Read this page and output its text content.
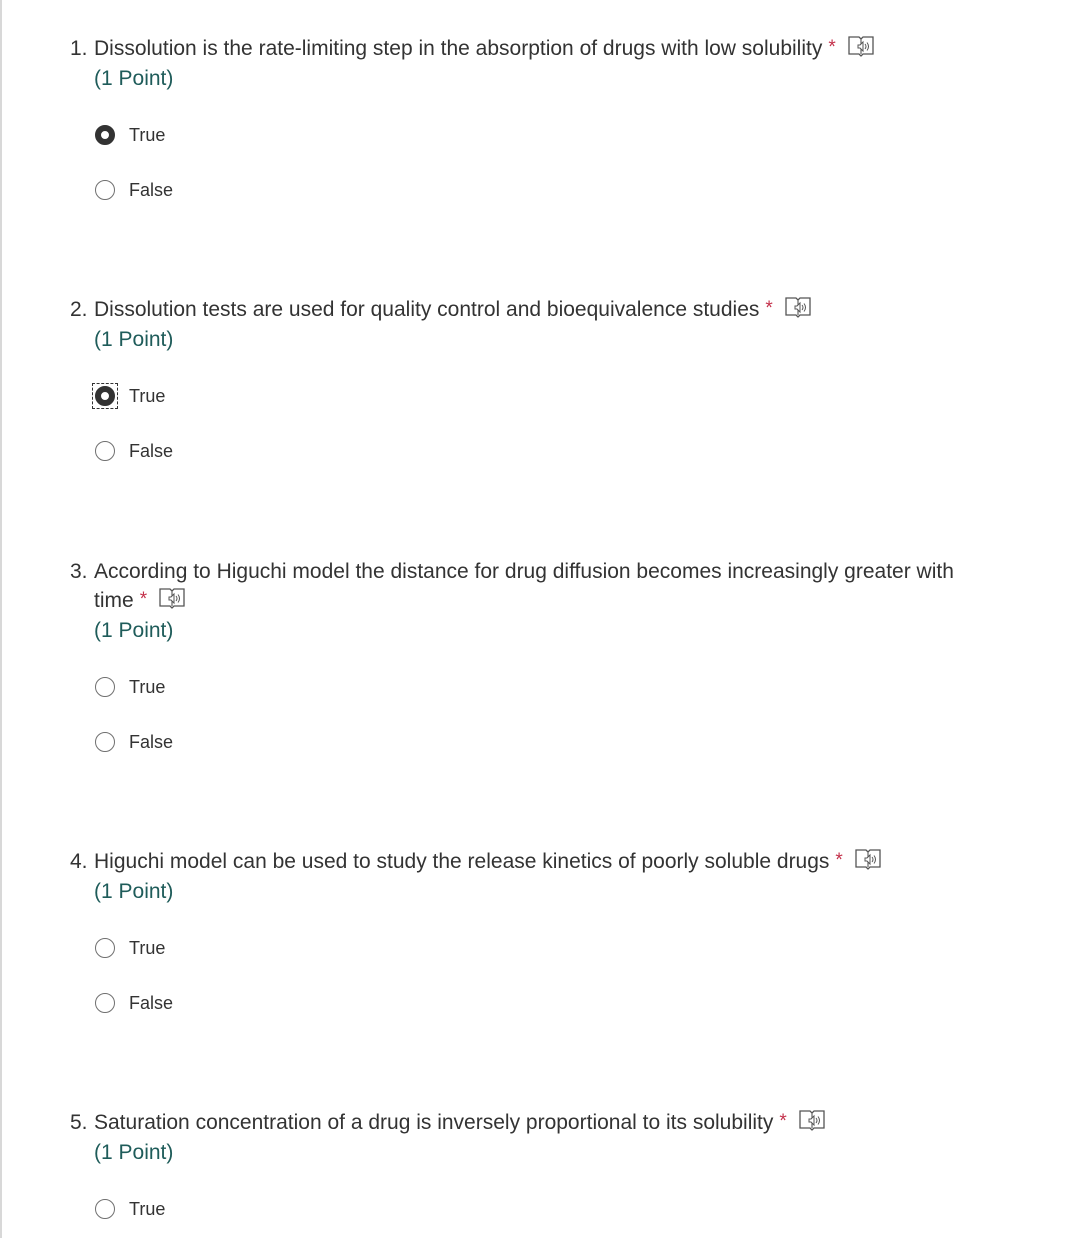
1. Dissolution is the rate-limiting step in the absorption of drugs with low solubility *
(1 Point)
True
False
2. Dissolution tests are used for quality control and bioequivalence studies *
(1 Point)
True
False
3. According to Higuchi model the distance for drug diffusion becomes increasingly greater with time *
(1 Point)
True
False
4. Higuchi model can be used to study the release kinetics of poorly soluble drugs *
(1 Point)
True
False
5. Saturation concentration of a drug is inversely proportional to its solubility *
(1 Point)
True
